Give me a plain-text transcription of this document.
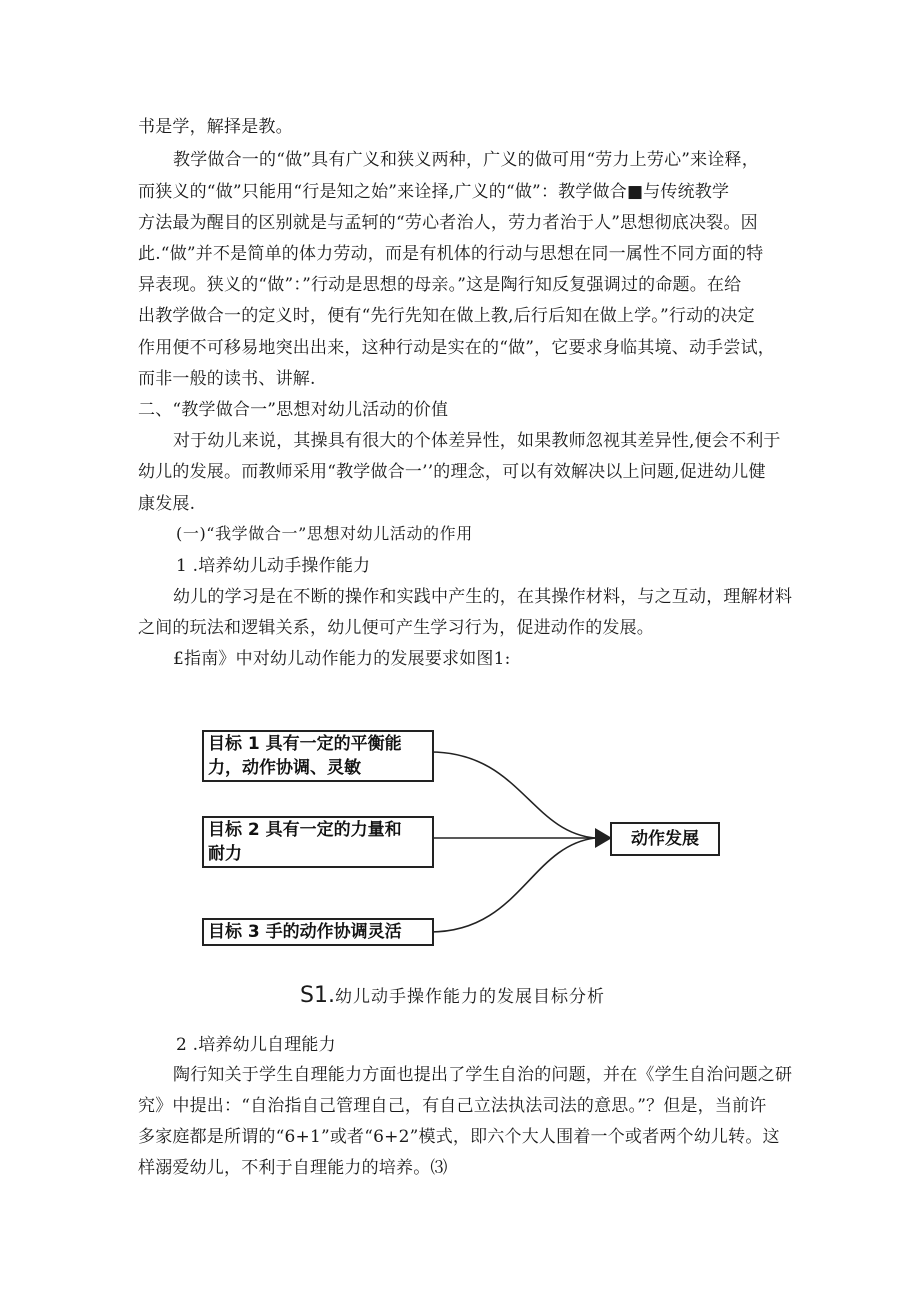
书是学，解择是教。
教学做合一的“做”具有广义和狭义两种，广义的做可用“劳力上劳心”来诠释，
而狭义的“做”只能用“行是知之始”来诠择,广义的“做”：教学做合■与传统教学
方法最为醒目的区别就是与孟轲的“劳心者治人，劳力者治于人”思想彻底决裂。因
此.“做”并不是简单的体力劳动，而是有机体的行动与思想在同一属性不同方面的特
异表现。狭义的“做”：”行动是思想的母亲。”这是陶行知反复强调过的命题。在给
出教学做合一的定义时，便有“先行先知在做上教,后行后知在做上学。”行动的决定
作用便不可移易地突出出来，这种行动是实在的“做”，它要求身临其境、动手尝试，
而非一般的读书、讲解.
二、“教学做合一”思想对幼儿活动的价值
对于幼儿来说，其操具有很大的个体差异性，如果教师忽视其差异性,便会不利于
幼儿的发展。而教师采用“教学做合一’’的理念，可以有效解决以上问题,促进幼儿健
康发展.
(一)“我学做合一”思想对幼儿活动的作用
1 .培养幼儿动手操作能力
幼儿的学习是在不断的操作和实践中产生的，在其操作材料，与之互动，理解材料
之间的玩法和逻辑关系，幼儿便可产生学习行为，促进动作的发展。
£指南》中对幼儿动作能力的发展要求如图1:
目标 1 具有一定的平衡能
力，动作协调、灵敏
目标 2 具有一定的力量和
耐力
目标 3 手的动作协调灵活
动作发展
S1.幼儿动手操作能力的发展目标分析
2 .培养幼儿自理能力
陶行知关于学生自理能力方面也提出了学生自治的问题，并在《学生自治问题之研
究》中提出：“自治指自己管理自己，有自己立法执法司法的意思。”？但是，当前许
多家庭都是所谓的“6+1”或者“6+2”模式，即六个大人围着一个或者两个幼儿转。这
样溺爱幼儿，不利于自理能力的培养。⑶
